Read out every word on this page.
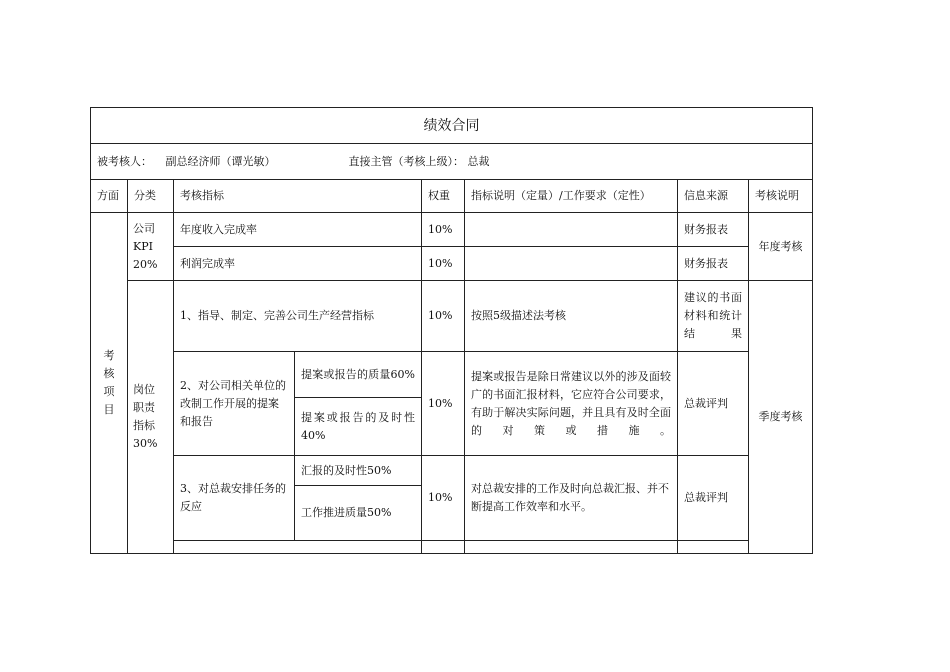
绩效合同							
被考核人： 副总经济师（谭光敏） 直接主管（考核上级）： 总裁							
方面	分类	考核指标		权重	指标说明（定量）/工作要求（定性）	信息来源	考核说明

考
核
项
目	公司
KPI
20%	年度收入完成率		10%		财务报表	年度考核
		利润完成率		10%		财务报表	

	岗位
职责
指标
30%	1、指导、制定、完善公司生产经营指标		10%	按照5级描述法考核	建议的书面材料和统计结果	季度考核
		2、对公司相关单位的改制工作开展的提案和报告	提案或报告的质量60%	10%	提案或报告是除日常建议以外的涉及面较广的书面汇报材料，它应符合公司要求，有助于解决实际问题，并且具有及时全面的对策或措施。	总裁评判	
			提案或报告的及时性40%				
		3、对总裁安排任务的反应	汇报的及时性50%	10%	对总裁安排的工作及时向总裁汇报、并不断提高工作效率和水平。	总裁评判	
			工作推进质量50%				
